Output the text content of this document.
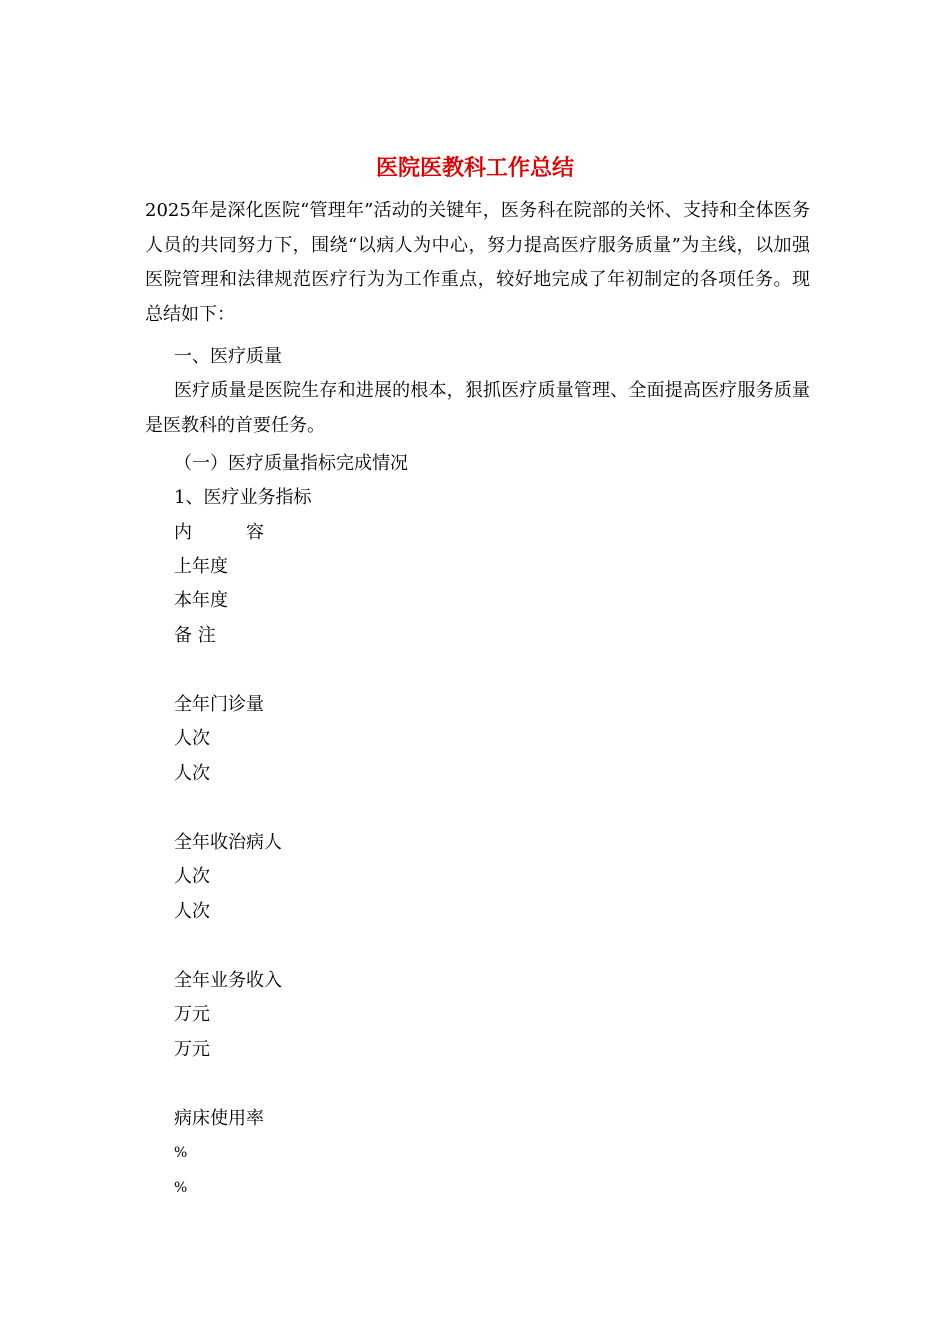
医院医教科工作总结

2025年是深化医院“管理年”活动的关键年，医务科在院部的关怀、支持和全体医务人员的共同努力下，围绕“以病人为中心，努力提高医疗服务质量”为主线，以加强医院管理和法律规范医疗行为为工作重点，较好地完成了年初制定的各项任务。现总结如下：

一、医疗质量

医疗质量是医院生存和进展的根本，狠抓医疗质量管理、全面提高医疗服务质量是医教科的首要任务。

（一）医疗质量指标完成情况

1、医疗业务指标

内　　　容

上年度

本年度

备 注

全年门诊量

人次

人次

全年收治病人

人次

人次

全年业务收入

万元

万元

病床使用率

%

%
